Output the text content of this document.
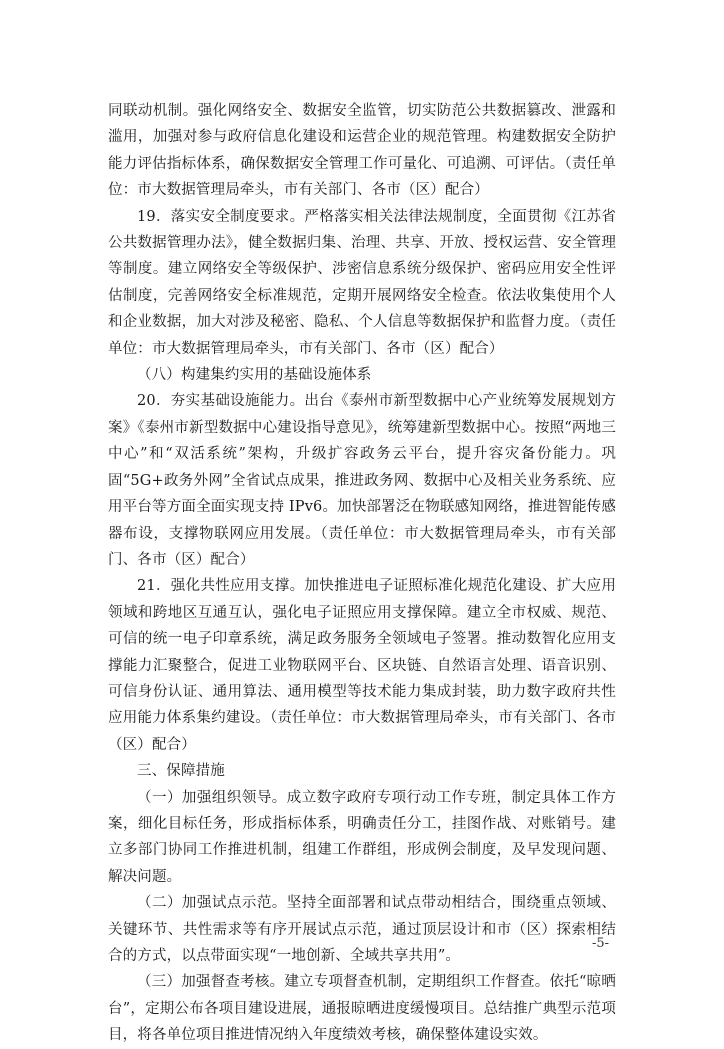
同联动机制。强化网络安全、数据安全监管，切实防范公共数据篡改、泄露和滥用，加强对参与政府信息化建设和运营企业的规范管理。构建数据安全防护能力评估指标体系，确保数据安全管理工作可量化、可追溯、可评估。（责任单位：市大数据管理局牵头，市有关部门、各市（区）配合）

19．落实安全制度要求。严格落实相关法律法规制度，全面贯彻《江苏省公共数据管理办法》，健全数据归集、治理、共享、开放、授权运营、安全管理等制度。建立网络安全等级保护、涉密信息系统分级保护、密码应用安全性评估制度，完善网络安全标准规范，定期开展网络安全检查。依法收集使用个人和企业数据，加大对涉及秘密、隐私、个人信息等数据保护和监督力度。（责任单位：市大数据管理局牵头，市有关部门、各市（区）配合）

（八）构建集约实用的基础设施体系

20．夯实基础设施能力。出台《泰州市新型数据中心产业统筹发展规划方案》《泰州市新型数据中心建设指导意见》，统筹建新型数据中心。按照“两地三中心”和“双活系统”架构，升级扩容政务云平台，提升容灾备份能力。巩固“5G+政务外网”全省试点成果，推进政务网、数据中心及相关业务系统、应用平台等方面全面实现支持 IPv6。加快部署泛在物联感知网络，推进智能传感器布设，支撑物联网应用发展。（责任单位：市大数据管理局牵头，市有关部门、各市（区）配合）

21．强化共性应用支撑。加快推进电子证照标准化规范化建设、扩大应用领域和跨地区互通互认，强化电子证照应用支撑保障。建立全市权威、规范、可信的统一电子印章系统，满足政务服务全领域电子签署。推动数智化应用支撑能力汇聚整合，促进工业物联网平台、区块链、自然语言处理、语音识别、可信身份认证、通用算法、通用模型等技术能力集成封装，助力数字政府共性应用能力体系集约建设。（责任单位：市大数据管理局牵头，市有关部门、各市（区）配合）

三、保障措施

（一）加强组织领导。成立数字政府专项行动工作专班，制定具体工作方案，细化目标任务，形成指标体系，明确责任分工，挂图作战、对账销号。建立多部门协同工作推进机制，组建工作群组，形成例会制度，及早发现问题、解决问题。

（二）加强试点示范。坚持全面部署和试点带动相结合，围绕重点领域、关键环节、共性需求等有序开展试点示范，通过顶层设计和市（区）探索相结合的方式，以点带面实现“一地创新、全域共享共用”。

（三）加强督查考核。建立专项督查机制，定期组织工作督查。依托“晾晒台”，定期公布各项目建设进展，通报晾晒进度缓慢项目。总结推广典型示范项目，将各单位项目推进情况纳入年度绩效考核，确保整体建设实效。

-5-
